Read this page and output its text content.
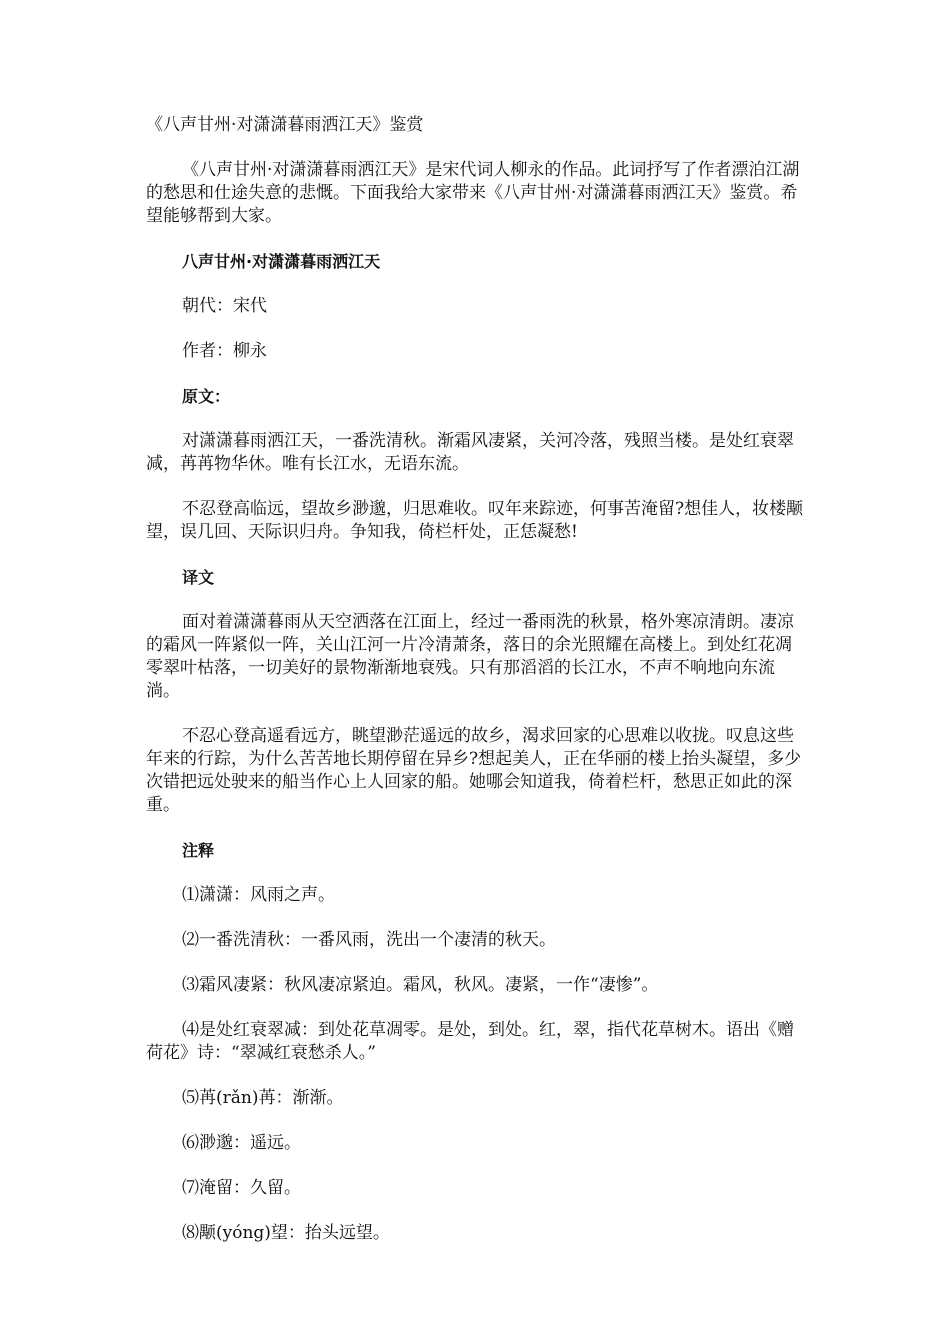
《八声甘州·对潇潇暮雨洒江天》鉴赏

《八声甘州·对潇潇暮雨洒江天》是宋代词人柳永的作品。此词抒写了作者漂泊江湖的愁思和仕途失意的悲慨。下面我给大家带来《八声甘州·对潇潇暮雨洒江天》鉴赏。希望能够帮到大家。

八声甘州·对潇潇暮雨洒江天

朝代：宋代

作者：柳永

原文：

对潇潇暮雨洒江天，一番洗清秋。渐霜风凄紧，关河冷落，残照当楼。是处红衰翠减，苒苒物华休。唯有长江水，无语东流。

不忍登高临远，望故乡渺邈，归思难收。叹年来踪迹，何事苦淹留?想佳人，妆楼颙望，误几回、天际识归舟。争知我，倚栏杆处，正恁凝愁!

译文

面对着潇潇暮雨从天空洒落在江面上，经过一番雨洗的秋景，格外寒凉清朗。凄凉的霜风一阵紧似一阵，关山江河一片冷清萧条，落日的余光照耀在高楼上。到处红花凋零翠叶枯落，一切美好的景物渐渐地衰残。只有那滔滔的长江水，不声不响地向东流淌。

不忍心登高遥看远方，眺望渺茫遥远的故乡，渴求回家的心思难以收拢。叹息这些年来的行踪，为什么苦苦地长期停留在异乡?想起美人，正在华丽的楼上抬头凝望，多少次错把远处驶来的船当作心上人回家的船。她哪会知道我，倚着栏杆，愁思正如此的深重。

注释

⑴潇潇：风雨之声。

⑵一番洗清秋：一番风雨，洗出一个凄清的秋天。

⑶霜风凄紧：秋风凄凉紧迫。霜风，秋风。凄紧，一作“凄惨”。

⑷是处红衰翠减：到处花草凋零。是处，到处。红，翠，指代花草树木。语出《赠荷花》诗：“翠减红衰愁杀人。”

⑸苒(rǎn)苒：渐渐。

⑹渺邈：遥远。

⑺淹留：久留。

⑻颙(yóng)望：抬头远望。
